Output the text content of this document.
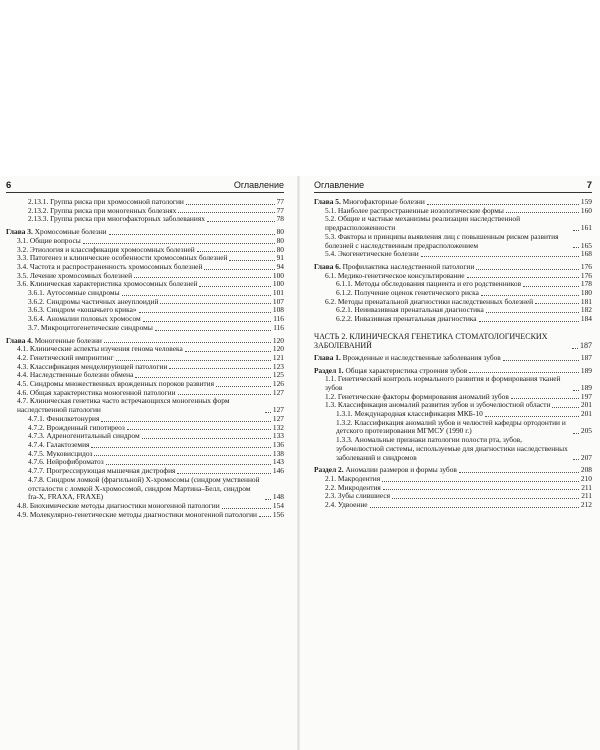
6	Оглавление
2.13.1. Группа риска при хромосомной патологии	77
2.13.2. Группа риска при моногенных болезнях	77
2.13.3. Группа риска при многофакторных заболеваниях	78
Глава 3. Хромосомные болезни	80
3.1. Общие вопросы	80
3.2. Этиология и классификация хромосомных болезней	80
3.3. Патогенез и клинические особенности хромосомных болезней	91
3.4. Частота и распространенность хромосомных болезней	94
3.5. Лечение хромосомных болезней	100
3.6. Клиническая характеристика хромосомных болезней	100
3.6.1. Аутосомные синдромы	101
3.6.2. Синдромы частичных анеуплоидий	107
3.6.3. Синдром «кошачьего крика»	108
3.6.4. Аномалии половых хромосом	116
3.7. Микроцитогенетические синдромы	116
Глава 4. Моногенные болезни	120
4.1. Клинические аспекты изучения генома человека	120
4.2. Генетический импринтинг	121
4.3. Классификация менделирующей патологии	123
4.4. Наследственные болезни обмена	125
4.5. Синдромы множественных врожденных пороков развития	126
4.6. Общая характеристика моногенной патологии	127
4.7. Клиническая генетика часто встречающихся моногенных форм наследственной патологии	127
4.7.1. Фенилкетонурия	127
4.7.2. Врожденный гипотиреоз	132
4.7.3. Адреногенитальный синдром	133
4.7.4. Галактоземия	136
4.7.5. Муковисцидоз	138
4.7.6. Нейрофиброматоз	143
4.7.7. Прогрессирующая мышечная дистрофия	146
4.7.8. Синдром ломкой (фрагильной) Х-хромосомы (синдром умственной отсталости с ломкой Х-хромосомой, синдром Мартина–Белл, синдром fra-X, FRAXA, FRAXE)	148
4.8. Биохимические методы диагностики моногенной патологии	154
4.9. Молекулярно-генетические методы диагностики моногенной патологии 156
Оглавление	7
Глава 5. Многофакторные болезни	159
5.1. Наиболее распространенные нозологические формы	160
5.2. Общие и частные механизмы реализации наследственной предрасположенности	161
5.3. Факторы и принципы выявления лиц с повышенным риском развития болезней с наследственным предрасположением	165
5.4. Экогенетические болезни	168
Глава 6. Профилактика наследственной патологии	176
6.1. Медико-генетическое консультирование	176
6.1.1. Методы обследования пациента и его родственников	178
6.1.2. Получение оценок генетического риска	180
6.2. Методы пренатальной диагностики наследственных болезней	181
6.2.1. Неинвазивная пренатальная диагностика	182
6.2.2. Инвазивная пренатальная диагностика	184
ЧАСТЬ 2. КЛИНИЧЕСКАЯ ГЕНЕТИКА СТОМАТОЛОГИЧЕСКИХ ЗАБОЛЕВАНИЙ	187
Глава 1. Врожденные и наследственные заболевания зубов	187
Раздел 1. Общая характеристика строения зубов	189
1.1. Генетический контроль нормального развития и формирования тканей зубов	189
1.2. Генетические факторы формирования аномалий зубов	197
1.3. Классификация аномалий развития зубов и зубочелюстной области	201
1.3.1. Международная классификация МКБ-10	201
1.3.2. Классификация аномалий зубов и челюстей кафедры ортодонтии и детского протезирования МГМСУ (1990 г.)	205
1.3.3. Аномальные признаки патологии полости рта, зубов, зубочелюстной системы, используемые для диагностики наследственных заболеваний и синдромов	207
Раздел 2. Аномалии размеров и формы зубов	208
2.1. Макродентия	210
2.2. Микродентия	211
2.3. Зубы слившиеся	211
2.4. Удвоение	212
